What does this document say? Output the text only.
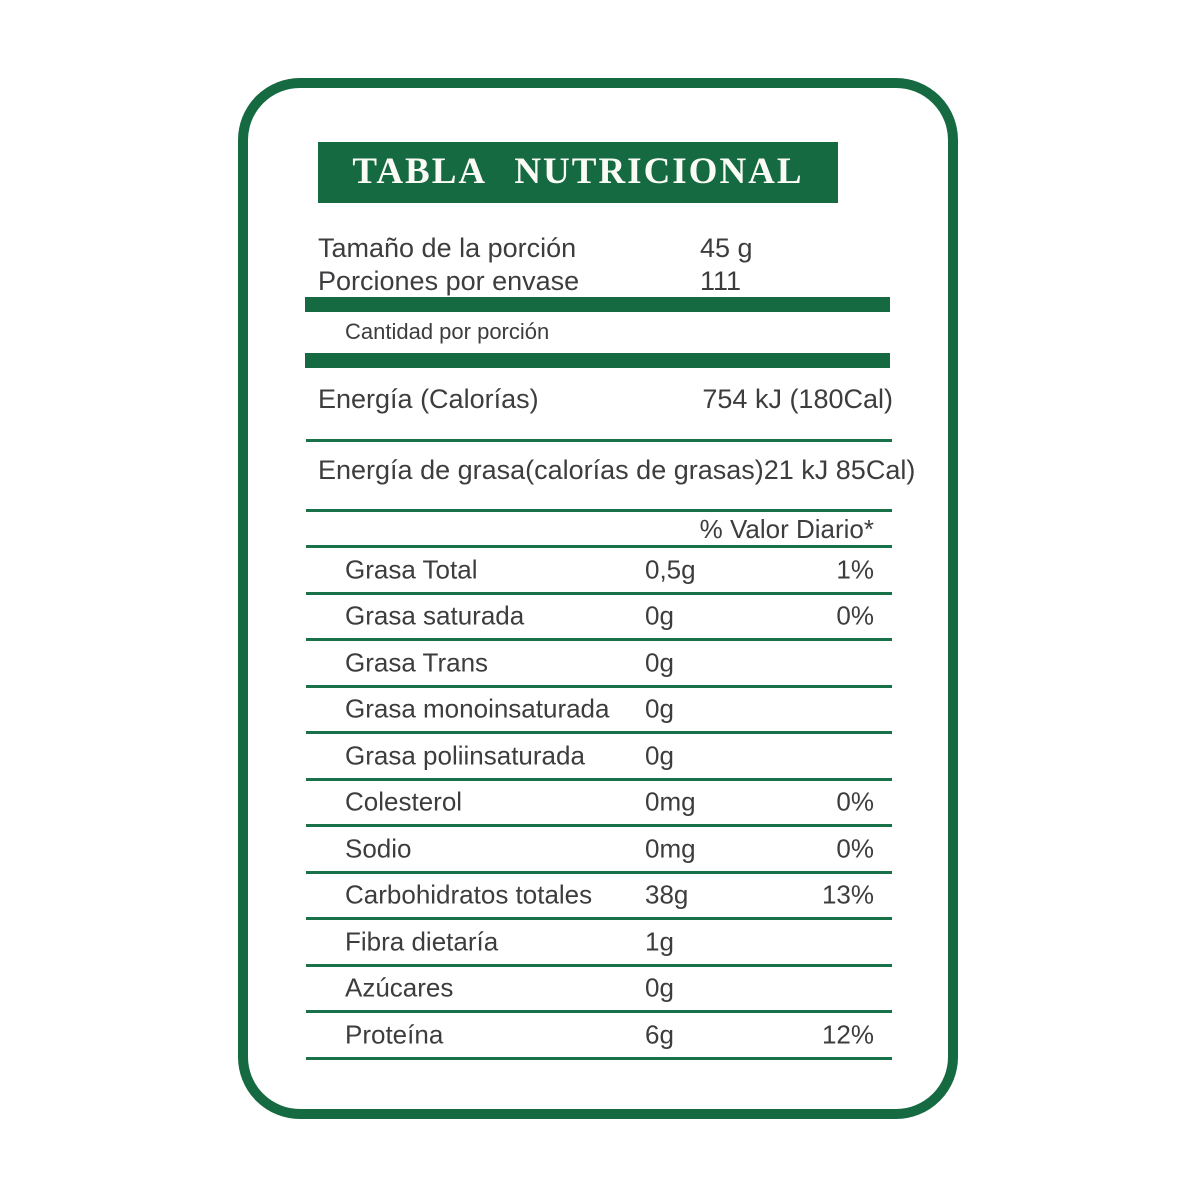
TABLA NUTRICIONAL
Tamaño de la porción	45 g
Porciones por envase	111
Cantidad por porción
Energía (Calorías)	754 kJ (180Cal)
Energía de grasa(calorías de grasas) 21 kJ 85Cal)
% Valor Diario*
Grasa Total	0,5g	1%
Grasa saturada	0g	0%
Grasa Trans	0g
Grasa monoinsaturada 0g
Grasa poliinsaturada 0g
Colesterol	0mg	0%
Sodio	0mg	0%
Carbohidratos totales 38g	13%
Fibra dietaría	1g
Azúcares	0g
Proteína	6g	12%
